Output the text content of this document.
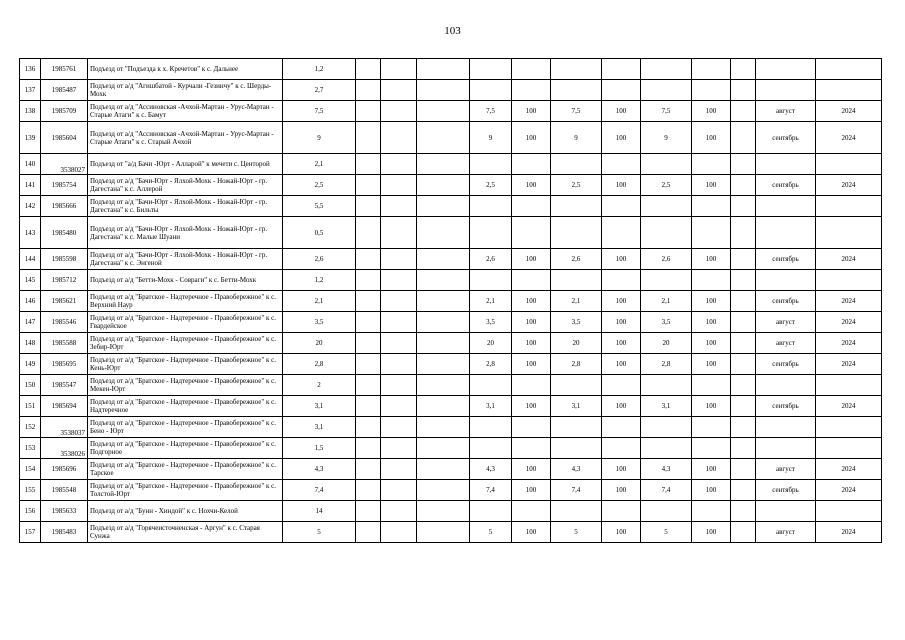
103
136	1985761	Подъезд от "Подъезда к х. Кречетов" к с. Дальнее	1,2												
137	1985487	Подъезд от а/д "Агишбатой - Курчали -Гезинчу" к с. Шерды-Мохк	2,7												
138	1985709	Подъезд от а/д "Ассиновская -Ачхой-Мартан - Урус-Мартан - Старые Атаги" к с. Бамут	7,5				7,5	100	7,5	100	7,5	100		август	2024
139	1985604	Подъезд от а/д "Ассиновская -Ачхой-Мартан - Урус-Мартан - Старые Атаги" к с. Старый Ачхой	9				9	100	9	100	9	100		сентябрь	2024
140	3538027	Подъезд от "а/д Бачи -Юрт - Алларой" к мечети с. Центорой	2,1												
141	1985754	Подъезд от а/д "Бачи-Юрт - Ялхой-Мохк - Ножай-Юрт - гр. Дагестана" к с. Аллерой	2,5				2,5	100	2,5	100	2,5	100		сентябрь	2024
142	1985666	Подъезд от а/д "Бачи-Юрт - Ялхой-Мохк - Ножай-Юрт - гр. Дагестана" к с. Бильты	5,5												
143	1985480	Подъезд от а/д "Бачи-Юрт - Ялхой-Мохк - Ножай-Юрт - гр. Дагестана" к с. Малые Шуани	0,5												
144	1985598	Подъезд от а/д "Бачи-Юрт - Ялхой-Мохк - Ножай-Юрт - гр. Дагестана" к с. Энгеной	2,6				2,6	100	2,6	100	2,6	100		сентябрь	2024
145	1985712	Подъезд от а/д "Бетти-Мохк - Совраги" к с. Бетти-Мохк	1,2												
146	1985621	Подъезд от а/д "Братское - Надтеречное - Правобережное" к с. Верхний Наур	2,1				2,1	100	2,1	100	2,1	100		сентябрь	2024
147	1985546	Подъезд от а/д "Братское - Надтеречное - Правобережное" к с. Гвардейское	3,5				3,5	100	3,5	100	3,5	100		август	2024
148	1985588	Подъезд от а/д "Братское - Надтеречное - Правобережное" к с. Зебир-Юрт	20				20	100	20	100	20	100		август	2024
149	1985695	Подъезд от а/д "Братское - Надтеречное - Правобережное" к с. Кень-Юрт	2,8				2,8	100	2,8	100	2,8	100		сентябрь	2024
150	1985547	Подъезд от а/д "Братское - Надтеречное - Правобережное" к с. Мекен-Юрт	2												
151	1985694	Подъезд от а/д "Братское - Надтеречное - Правобережное" к с. Надтеречное	3,1				3,1	100	3,1	100	3,1	100		сентябрь	2024
152	3538037	Подъезд от а/д "Братское - Надтеречное - Правобережное" к с. Бено - Юрт	3,1												
153	3538026	Подъезд от а/д "Братское - Надтеречное - Правобережное" к с. Подгорное	1,5												
154	1985696	Подъезд от а/д "Братское - Надтеречное - Правобережное" к с. Тарское	4,3				4,3	100	4,3	100	4,3	100		август	2024
155	1985548	Подъезд от а/д "Братское - Надтеречное - Правобережное" к с. Толстой-Юрт	7,4				7,4	100	7,4	100	7,4	100		сентябрь	2024
156	1985633	Подъезд от а/д "Бунн - Хиндой" к с. Нохчи-Келой	14												
157	1985483	Подъезд от а/д "Горячеисточненская - Аргун" к с. Старая Сунжа	5				5	100	5	100	5	100		август	2024
